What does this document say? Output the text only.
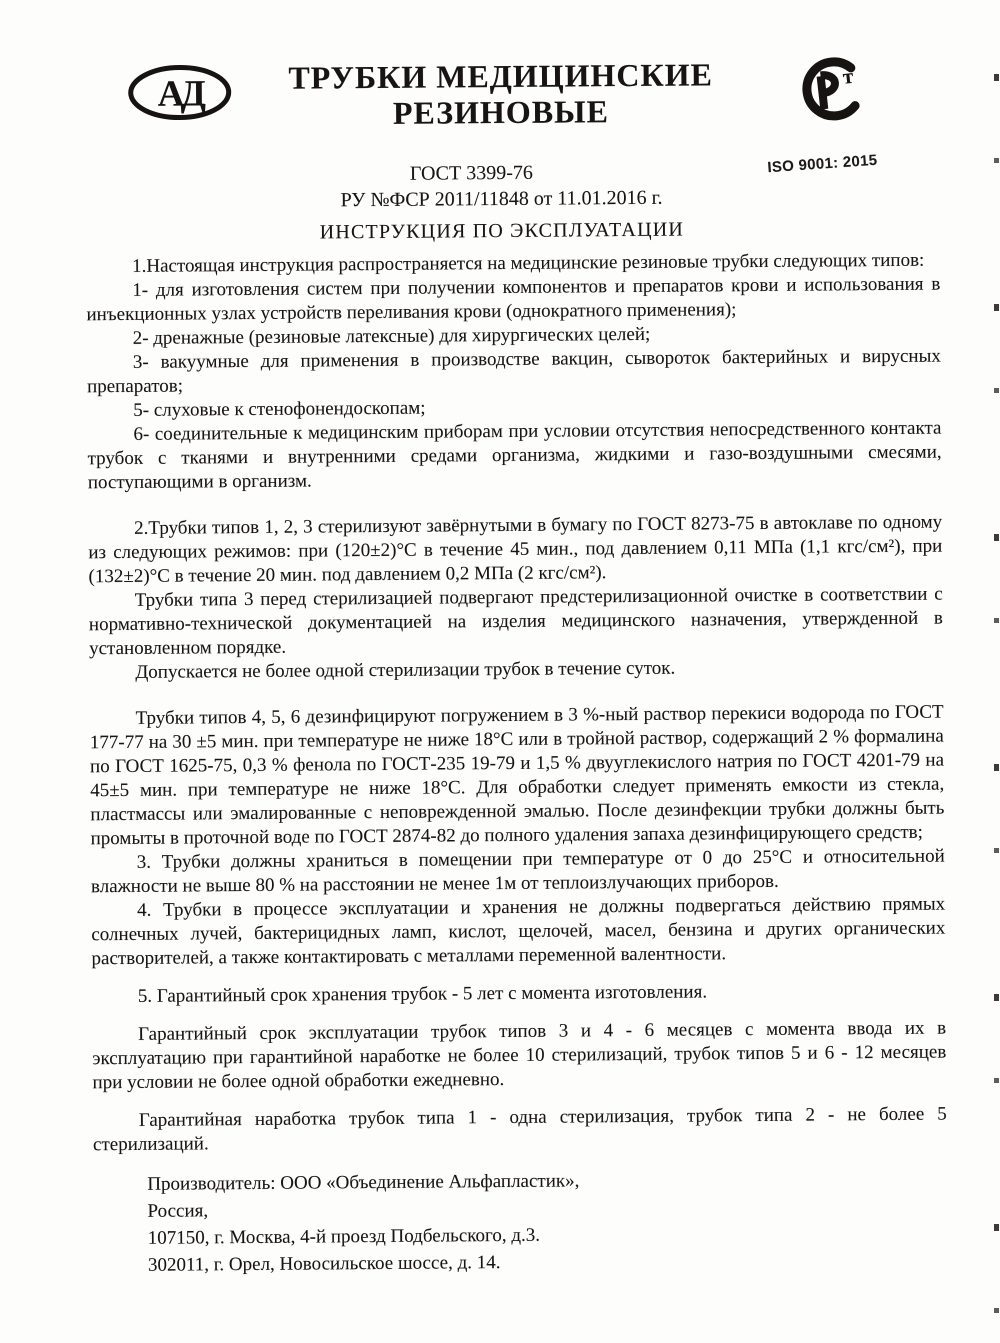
АД	ТРУБКИ МЕДИЦИНСКИЕ
РЕЗИНОВЫЕ
т
ISO 9001: 2015
ГОСТ 3399-76
РУ №ФСР 2011/11848 от 11.01.2016 г.
ИНСТРУКЦИЯ ПО ЭКСПЛУАТАЦИИ

1.Настоящая инструкция распространяется на медицинские резиновые трубки следующих типов:

1- для изготовления систем при получении компонентов и препаратов крови и использования в инъекционных узлах устройств переливания крови (однократного применения);

2- дренажные (резиновые латексные) для хирургических целей;

3- вакуумные для применения в производстве вакцин, сывороток бактерийных и вирусных препаратов;

5- слуховые к стенофонендоскопам;

6- соединительные к медицинским приборам при условии отсутствия непосредственного контакта трубок с тканями и внутренними средами организма, жидкими и газо-воздушными смесями, поступающими в организм.

2.Трубки типов 1, 2, 3 стерилизуют завёрнутыми в бумагу по ГОСТ 8273-75 в автоклаве по одному из следующих режимов: при (120±2)°С в течение 45 мин., под давлением 0,11 МПа (1,1 кгс/см²), при (132±2)°С в течение 20 мин. под давлением 0,2 МПа (2 кгс/см²).

Трубки типа 3 перед стерилизацией подвергают предстерилизационной очистке в соответствии с нормативно-технической документацией на изделия медицинского назначения, утвержденной в установленном порядке.

Допускается не более одной стерилизации трубок в течение суток.

Трубки типов 4, 5, 6 дезинфицируют погружением в 3 %-ный раствор перекиси водорода по ГОСТ 177-77 на 30 ±5 мин. при температуре не ниже 18°С или в тройной раствор, содержащий 2 % формалина по ГОСТ 1625-75, 0,3 % фенола по ГОСТ-235 19-79 и 1,5 % двууглекислого натрия по ГОСТ 4201-79 на 45±5 мин. при температуре не ниже 18°С. Для обработки следует применять емкости из стекла, пластмассы или эмалированные с неповрежденной эмалью. После дезинфекции трубки должны быть промыты в проточной воде по ГОСТ 2874-82 до полного удаления запаха дезинфицирующего средств;

3. Трубки должны храниться в помещении при температуре от 0 до 25°С и относительной влажности не выше 80 % на расстоянии не менее 1м от теплоизлучающих приборов.

4. Трубки в процессе эксплуатации и хранения не должны подвергаться действию прямых солнечных лучей, бактерицидных ламп, кислот, щелочей, масел, бензина и других органических растворителей, а также контактировать с металлами переменной валентности.

5. Гарантийный срок хранения трубок - 5 лет с момента изготовления.

Гарантийный срок эксплуатации трубок типов 3 и 4 - 6 месяцев с момента ввода их в эксплуатацию при гарантийной наработке не более 10 стерилизаций, трубок типов 5 и 6 - 12 месяцев при условии не более одной обработки ежедневно.

Гарантийная наработка трубок типа 1 - одна стерилизация, трубок типа 2 - не более 5 стерилизаций.

Производитель: ООО «Объединение Альфапластик»,
Россия,
107150, г. Москва, 4-й проезд Подбельского, д.3.
302011, г. Орел, Новосильское шоссе, д. 14.
